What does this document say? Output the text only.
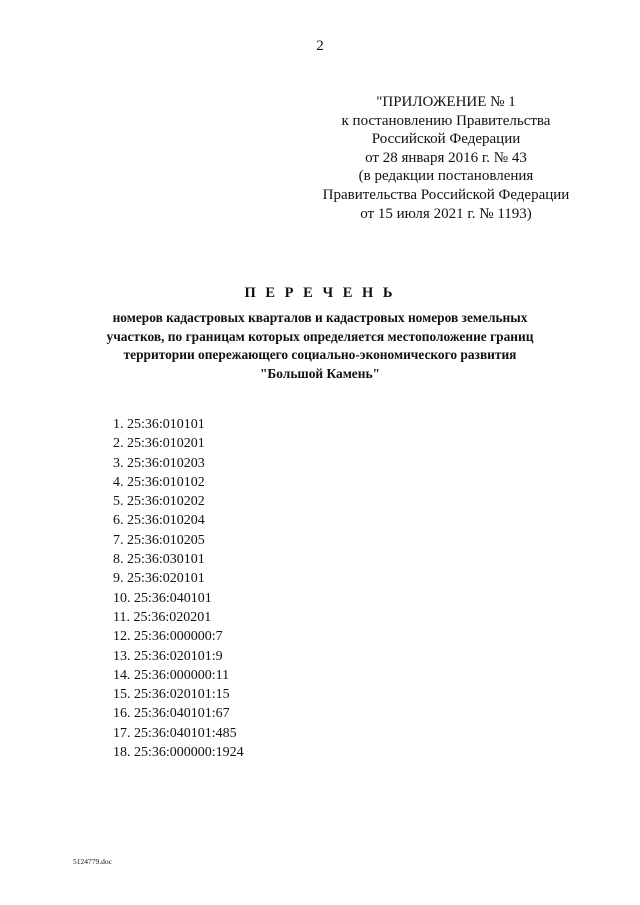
2
"ПРИЛОЖЕНИЕ № 1
к постановлению Правительства
Российской Федерации
от 28 января 2016 г. № 43
(в редакции постановления
Правительства Российской Федерации
от 15 июля 2021 г. № 1193)
П Е Р Е Ч Е Н Ь
номеров кадастровых кварталов и кадастровых номеров земельных
участков, по границам которых определяется местоположение границ
территории опережающего социально-экономического развития
"Большой Камень"
1. 25:36:010101
2. 25:36:010201
3. 25:36:010203
4. 25:36:010102
5. 25:36:010202
6. 25:36:010204
7. 25:36:010205
8. 25:36:030101
9. 25:36:020101
10. 25:36:040101
11. 25:36:020201
12. 25:36:000000:7
13. 25:36:020101:9
14. 25:36:000000:11
15. 25:36:020101:15
16. 25:36:040101:67
17. 25:36:040101:485
18. 25:36:000000:1924
5124779.doc
